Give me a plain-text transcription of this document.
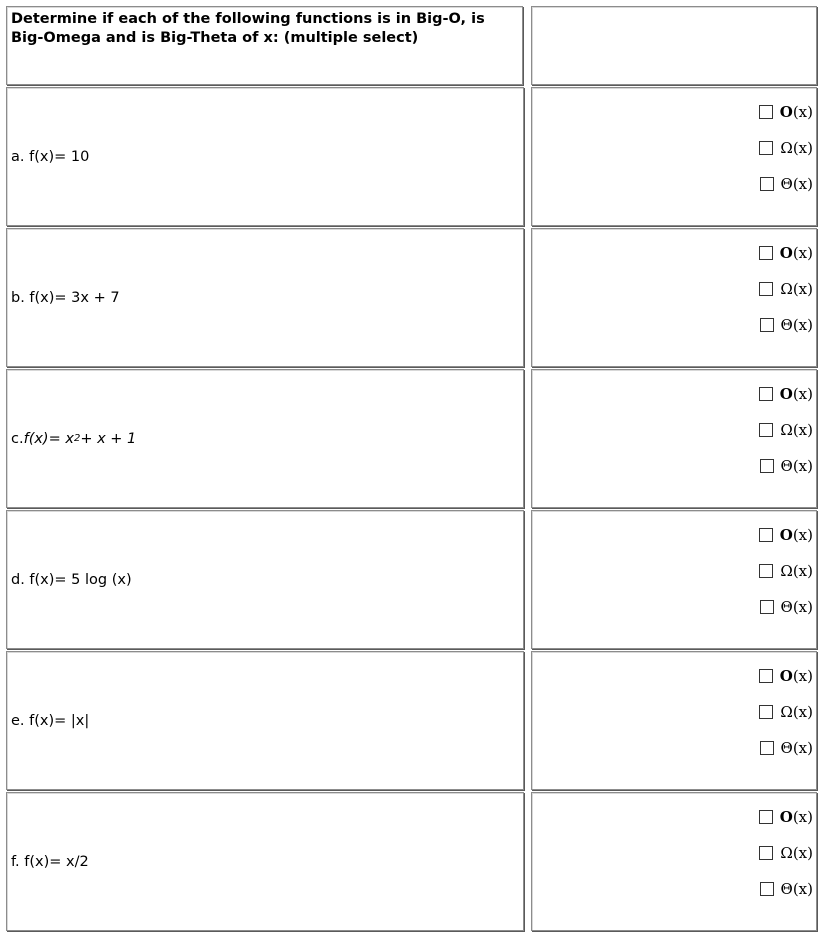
Determine if each of the following functions is in Big-O, is Big-Omega and is Big-Theta of x: (multiple select)
a. f(x)= 10
O(x)
Ω(x)
Θ(x)
b. f(x)= 3x + 7
O(x)
Ω(x)
Θ(x)
c. f(x)= x 2 + x + 1
O(x)
Ω(x)
Θ(x)
d. f(x)= 5 log (x)
O(x)
Ω(x)
Θ(x)
e. f(x)= |x|
O(x)
Ω(x)
Θ(x)
f. f(x)= x/2
O(x)
Ω(x)
Θ(x)
